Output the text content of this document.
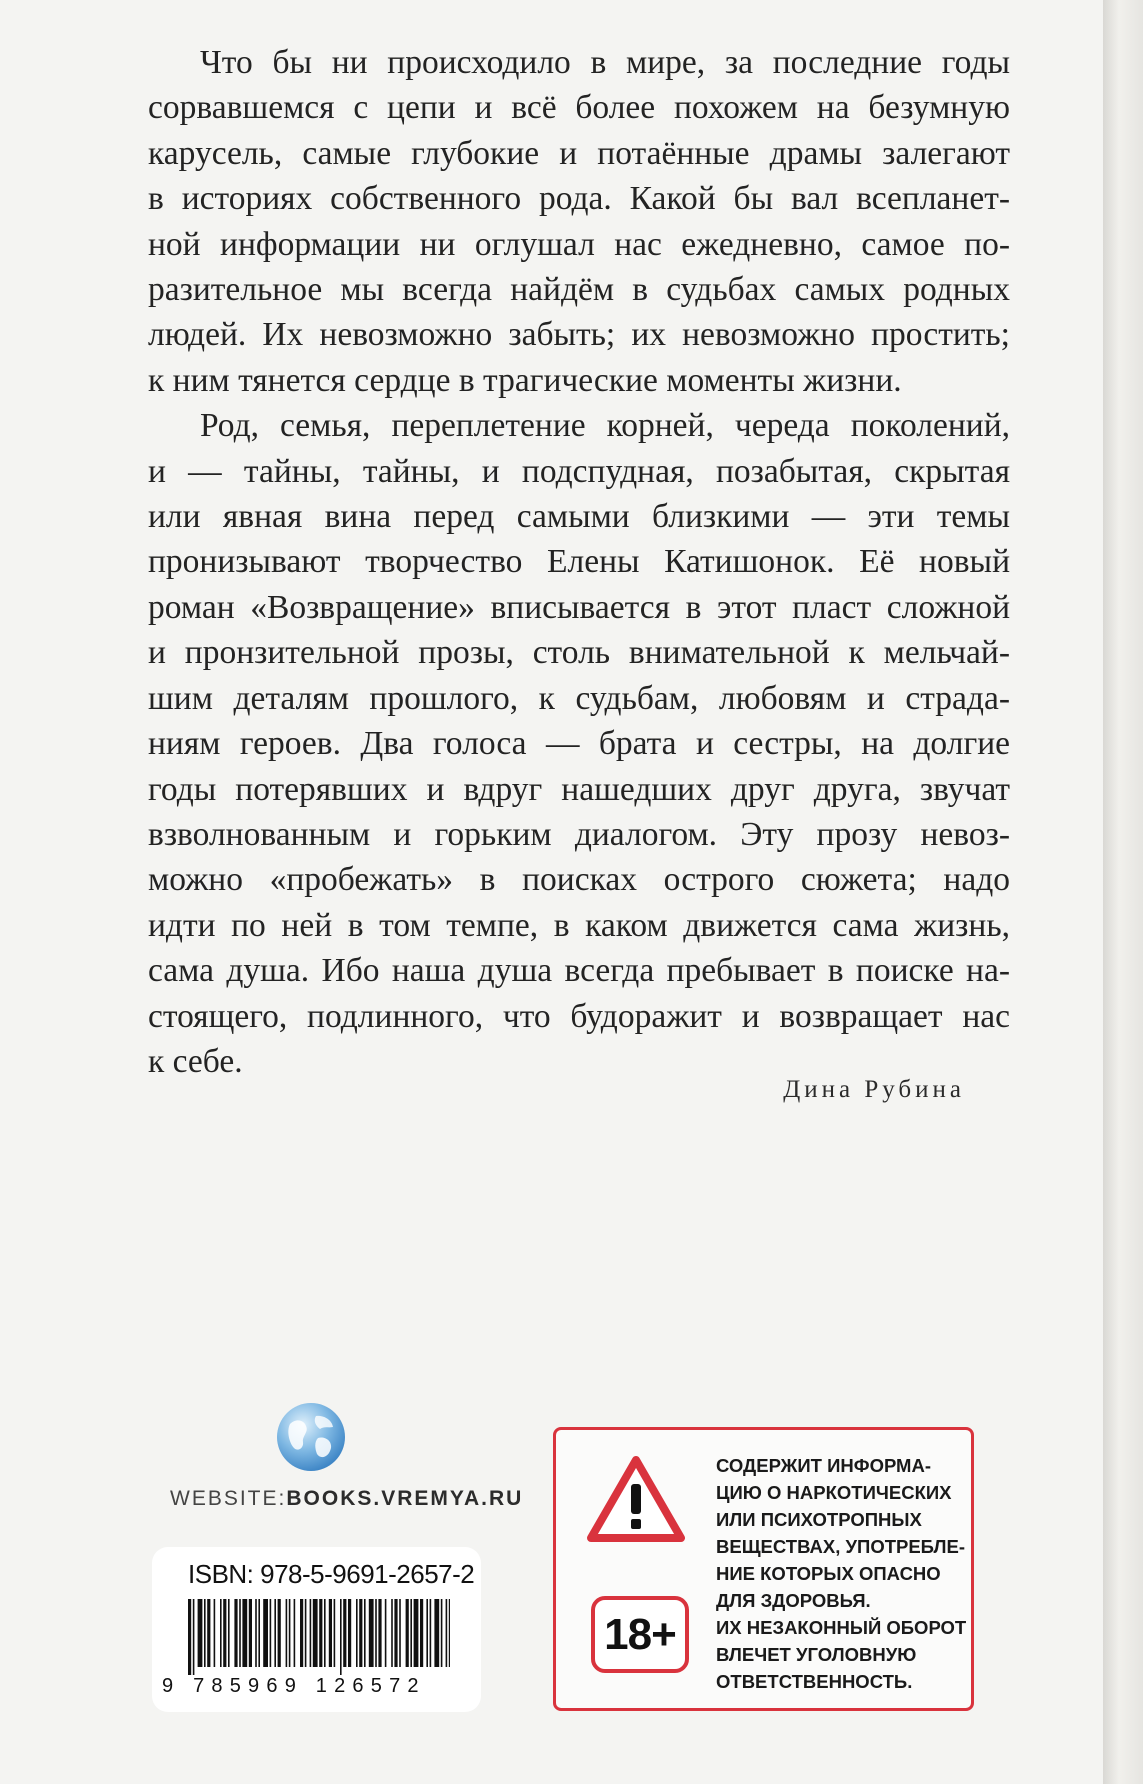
Что бы ни происходило в мире, за последние годы

сорвавшемся с цепи и всё более похожем на безумную

карусель, самые глубокие и потаённые драмы залегают

в историях собственного рода. Какой бы вал всепланет-

ной информации ни оглушал нас ежедневно, самое по-

разительное мы всегда найдём в судьбах самых родных

людей. Их невозможно забыть; их невозможно простить;

к ним тянется сердце в трагические моменты жизни.

Род, семья, переплетение корней, череда поколений,

и — тайны, тайны, и подспудная, позабытая, скрытая

или явная вина перед самыми близкими — эти темы

пронизывают творчество Елены Катишонок. Её новый

роман «Возвращение» вписывается в этот пласт сложной

и пронзительной прозы, столь внимательной к мельчай-

шим деталям прошлого, к судьбам, любовям и страда-

ниям героев. Два голоса — брата и сестры, на долгие

годы потерявших и вдруг нашедших друг друга, звучат

взволнованным и горьким диалогом. Эту прозу невоз-

можно «пробежать» в поисках острого сюжета; надо

идти по ней в том темпе, в каком движется сама жизнь,

сама душа. Ибо наша душа всегда пребывает в поиске на-

стоящего, подлинного, что будоражит и возвращает нас

к себе.

Дина Рубина
WEBSITE:BOOKS.VREMYA.RU
ISBN: 978-5-9691-2657-2
9 785969 126572
18+
СОДЕРЖИТ ИНФОРМА-
ЦИЮ О НАРКОТИЧЕСКИХ
ИЛИ ПСИХОТРОПНЫХ
ВЕЩЕСТВАХ, УПОТРЕБЛЕ-
НИЕ КОТОРЫХ ОПАСНО
ДЛЯ ЗДОРОВЬЯ.
ИХ НЕЗАКОННЫЙ ОБОРОТ
ВЛЕЧЕТ УГОЛОВНУЮ
ОТВЕТСТВЕННОСТЬ.
